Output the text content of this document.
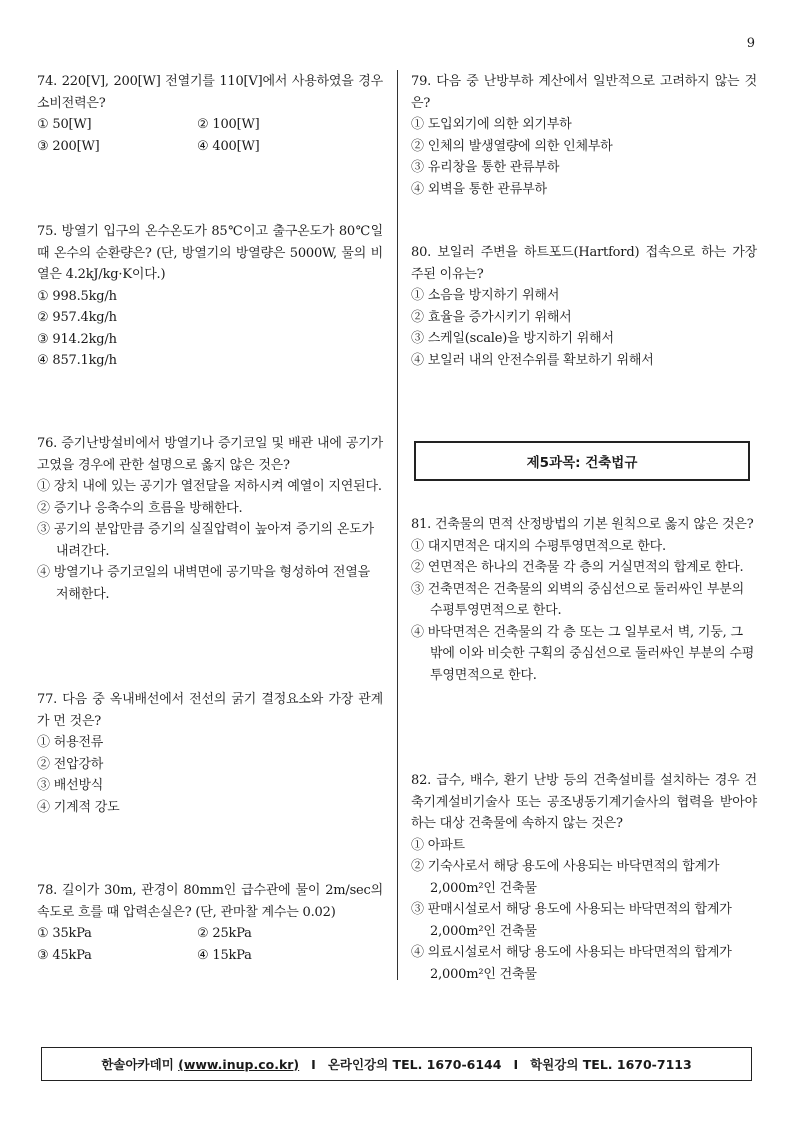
9
74. 220[V], 200[W] 전열기를 110[V]에서 사용하였을 경우 소비전력은?
① 50[W]	② 100[W]
③ 200[W]	④ 400[W]
75. 방열기 입구의 온수온도가 85℃이고 출구온도가 80℃일 때 온수의 순환량은? (단, 방열기의 방열량은 5000W, 물의 비열은 4.2kJ/kg·K이다.)
① 998.5kg/h
② 957.4kg/h
③ 914.2kg/h
④ 857.1kg/h
76. 증기난방설비에서 방열기나 증기코일 및 배관 내에 공기가 고였을 경우에 관한 설명으로 옳지 않은 것은?
① 장치 내에 있는 공기가 열전달을 저하시켜 예열이 지연된다.
② 증기나 응축수의 흐름을 방해한다.
③ 공기의 분압만큼 증기의 실질압력이 높아져 증기의 온도가 내려간다.
④ 방열기나 증기코일의 내벽면에 공기막을 형성하여 전열을 저해한다.
77. 다음 중 옥내배선에서 전선의 굵기 결정요소와 가장 관계가 먼 것은?
① 허용전류
② 전압강하
③ 배선방식
④ 기계적 강도
78. 길이가 30m, 관경이 80mm인 급수관에 물이 2m/sec의 속도로 흐를 때 압력손실은? (단, 관마찰 계수는 0.02)
① 35kPa	② 25kPa
③ 45kPa	④ 15kPa
79. 다음 중 난방부하 계산에서 일반적으로 고려하지 않는 것은?
① 도입외기에 의한 외기부하
② 인체의 발생열량에 의한 인체부하
③ 유리창을 통한 관류부하
④ 외벽을 통한 관류부하
80. 보일러 주변을 하트포드(Hartford) 접속으로 하는 가장 주된 이유는?
① 소음을 방지하기 위해서
② 효율을 증가시키기 위해서
③ 스케일(scale)을 방지하기 위해서
④ 보일러 내의 안전수위를 확보하기 위해서
제5과목: 건축법규
81. 건축물의 면적 산정방법의 기본 원칙으로 옳지 않은 것은?
① 대지면적은 대지의 수평투영면적으로 한다.
② 연면적은 하나의 건축물 각 층의 거실면적의 합계로 한다.
③ 건축면적은 건축물의 외벽의 중심선으로 둘러싸인 부분의 수평투영면적으로 한다.
④ 바닥면적은 건축물의 각 층 또는 그 일부로서 벽, 기둥, 그 밖에 이와 비슷한 구획의 중심선으로 둘러싸인 부분의 수평투영면적으로 한다.
82. 급수, 배수, 환기 난방 등의 건축설비를 설치하는 경우 건축기계설비기술사 또는 공조냉동기계기술사의 협력을 받아야 하는 대상 건축물에 속하지 않는 것은?
① 아파트
② 기숙사로서 해당 용도에 사용되는 바닥면적의 합계가 2,000m²인 건축물
③ 판매시설로서 해당 용도에 사용되는 바닥면적의 합계가 2,000m²인 건축물
④ 의료시설로서 해당 용도에 사용되는 바닥면적의 합계가 2,000m²인 건축물
한솔아카데미
(www.inup.co.kr) I 온라인강의 TEL. 1670-6144 I 학원강의 TEL. 1670-7113
